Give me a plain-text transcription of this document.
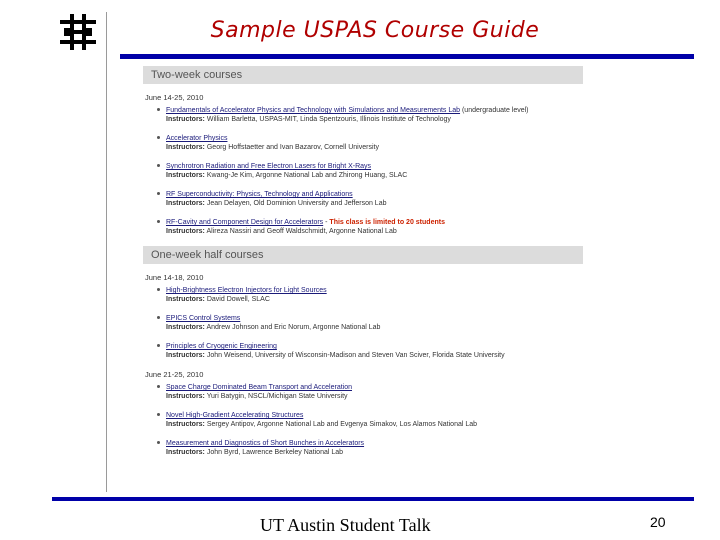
Sample USPAS Course Guide
Two-week courses
June 14-25, 2010
Fundamentals of Accelerator Physics and Technology with Simulations and Measurements Lab (undergraduate level)
Instructors: William Barletta, USPAS-MIT, Linda Spentzouris, Illinois Institute of Technology
Accelerator Physics
Instructors: Georg Hoffstaetter and Ivan Bazarov, Cornell University
Synchrotron Radiation and Free Electron Lasers for Bright X-Rays
Instructors: Kwang-Je Kim, Argonne National Lab and Zhirong Huang, SLAC
RF Superconductivity: Physics, Technology and Applications
Instructors: Jean Delayen, Old Dominion University and Jefferson Lab
RF-Cavity and Component Design for Accelerators - This class is limited to 20 students
Instructors: Alireza Nassiri and Geoff Waldschmidt, Argonne National Lab
One-week half courses
June 14-18, 2010
High-Brightness Electron Injectors for Light Sources
Instructors: David Dowell, SLAC
EPICS Control Systems
Instructors: Andrew Johnson and Eric Norum, Argonne National Lab
Principles of Cryogenic Engineering
Instructors: John Weisend, University of Wisconsin-Madison and Steven Van Sciver, Florida State University
June 21-25, 2010
Space Charge Dominated Beam Transport and Acceleration
Instructors: Yuri Batygin, NSCL/Michigan State University
Novel High-Gradient Accelerating Structures
Instructors: Sergey Antipov, Argonne National Lab and Evgenya Simakov, Los Alamos National Lab
Measurement and Diagnostics of Short Bunches in Accelerators
Instructors: John Byrd, Lawrence Berkeley National Lab
UT Austin Student Talk	20
